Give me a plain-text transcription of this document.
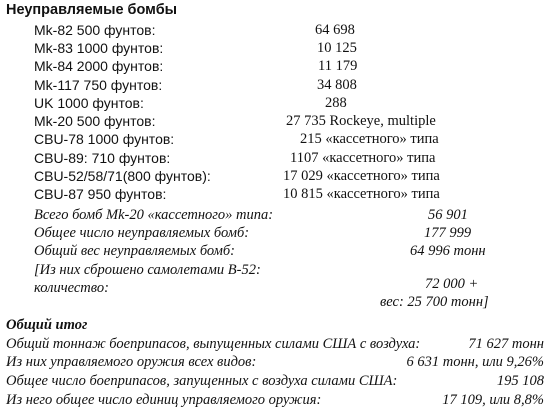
Неуправляемые бомбы
Mk-82 500 фунтов:	64 698
Mk-83 1000 фунтов:	10 125
Mk-84 2000 фунтов:	11 179
Mk-117 750 фунтов:	34 808
UK 1000 фунтов:	288
Mk-20 500 фунтов:	27 735 Rockeye, multiple
CBU-78 1000 фунтов:	215 «кассетного» типа
CBU-89: 710 фунтов:	1107 «кассетного» типа
CBU-52/58/71(800 фунтов):	17 029 «кассетного» типа
CBU-87 950 фунтов:	10 815 «кассетного» типа
Всего бомб Mk-20 «кассетного» типа:	56 901
Общее число неуправляемых бомб:	177 999
Общий вес неуправляемых бомб:	64 996 тонн
[Из них сброшено самолетами В-52:
количество:	72 000 +
вес: 25 700 тонн]
Общий итог
Общий тоннаж боеприпасов, выпущенных силами США с воздуха:	71 627 тонн
Из них управляемого оружия всех видов:	6 631 тонн, или 9,26%
Общее число боеприпасов, запущенных с воздуха силами США:	195 108
Из него общее число единиц управляемого оружия:	17 109, или 8,8%
